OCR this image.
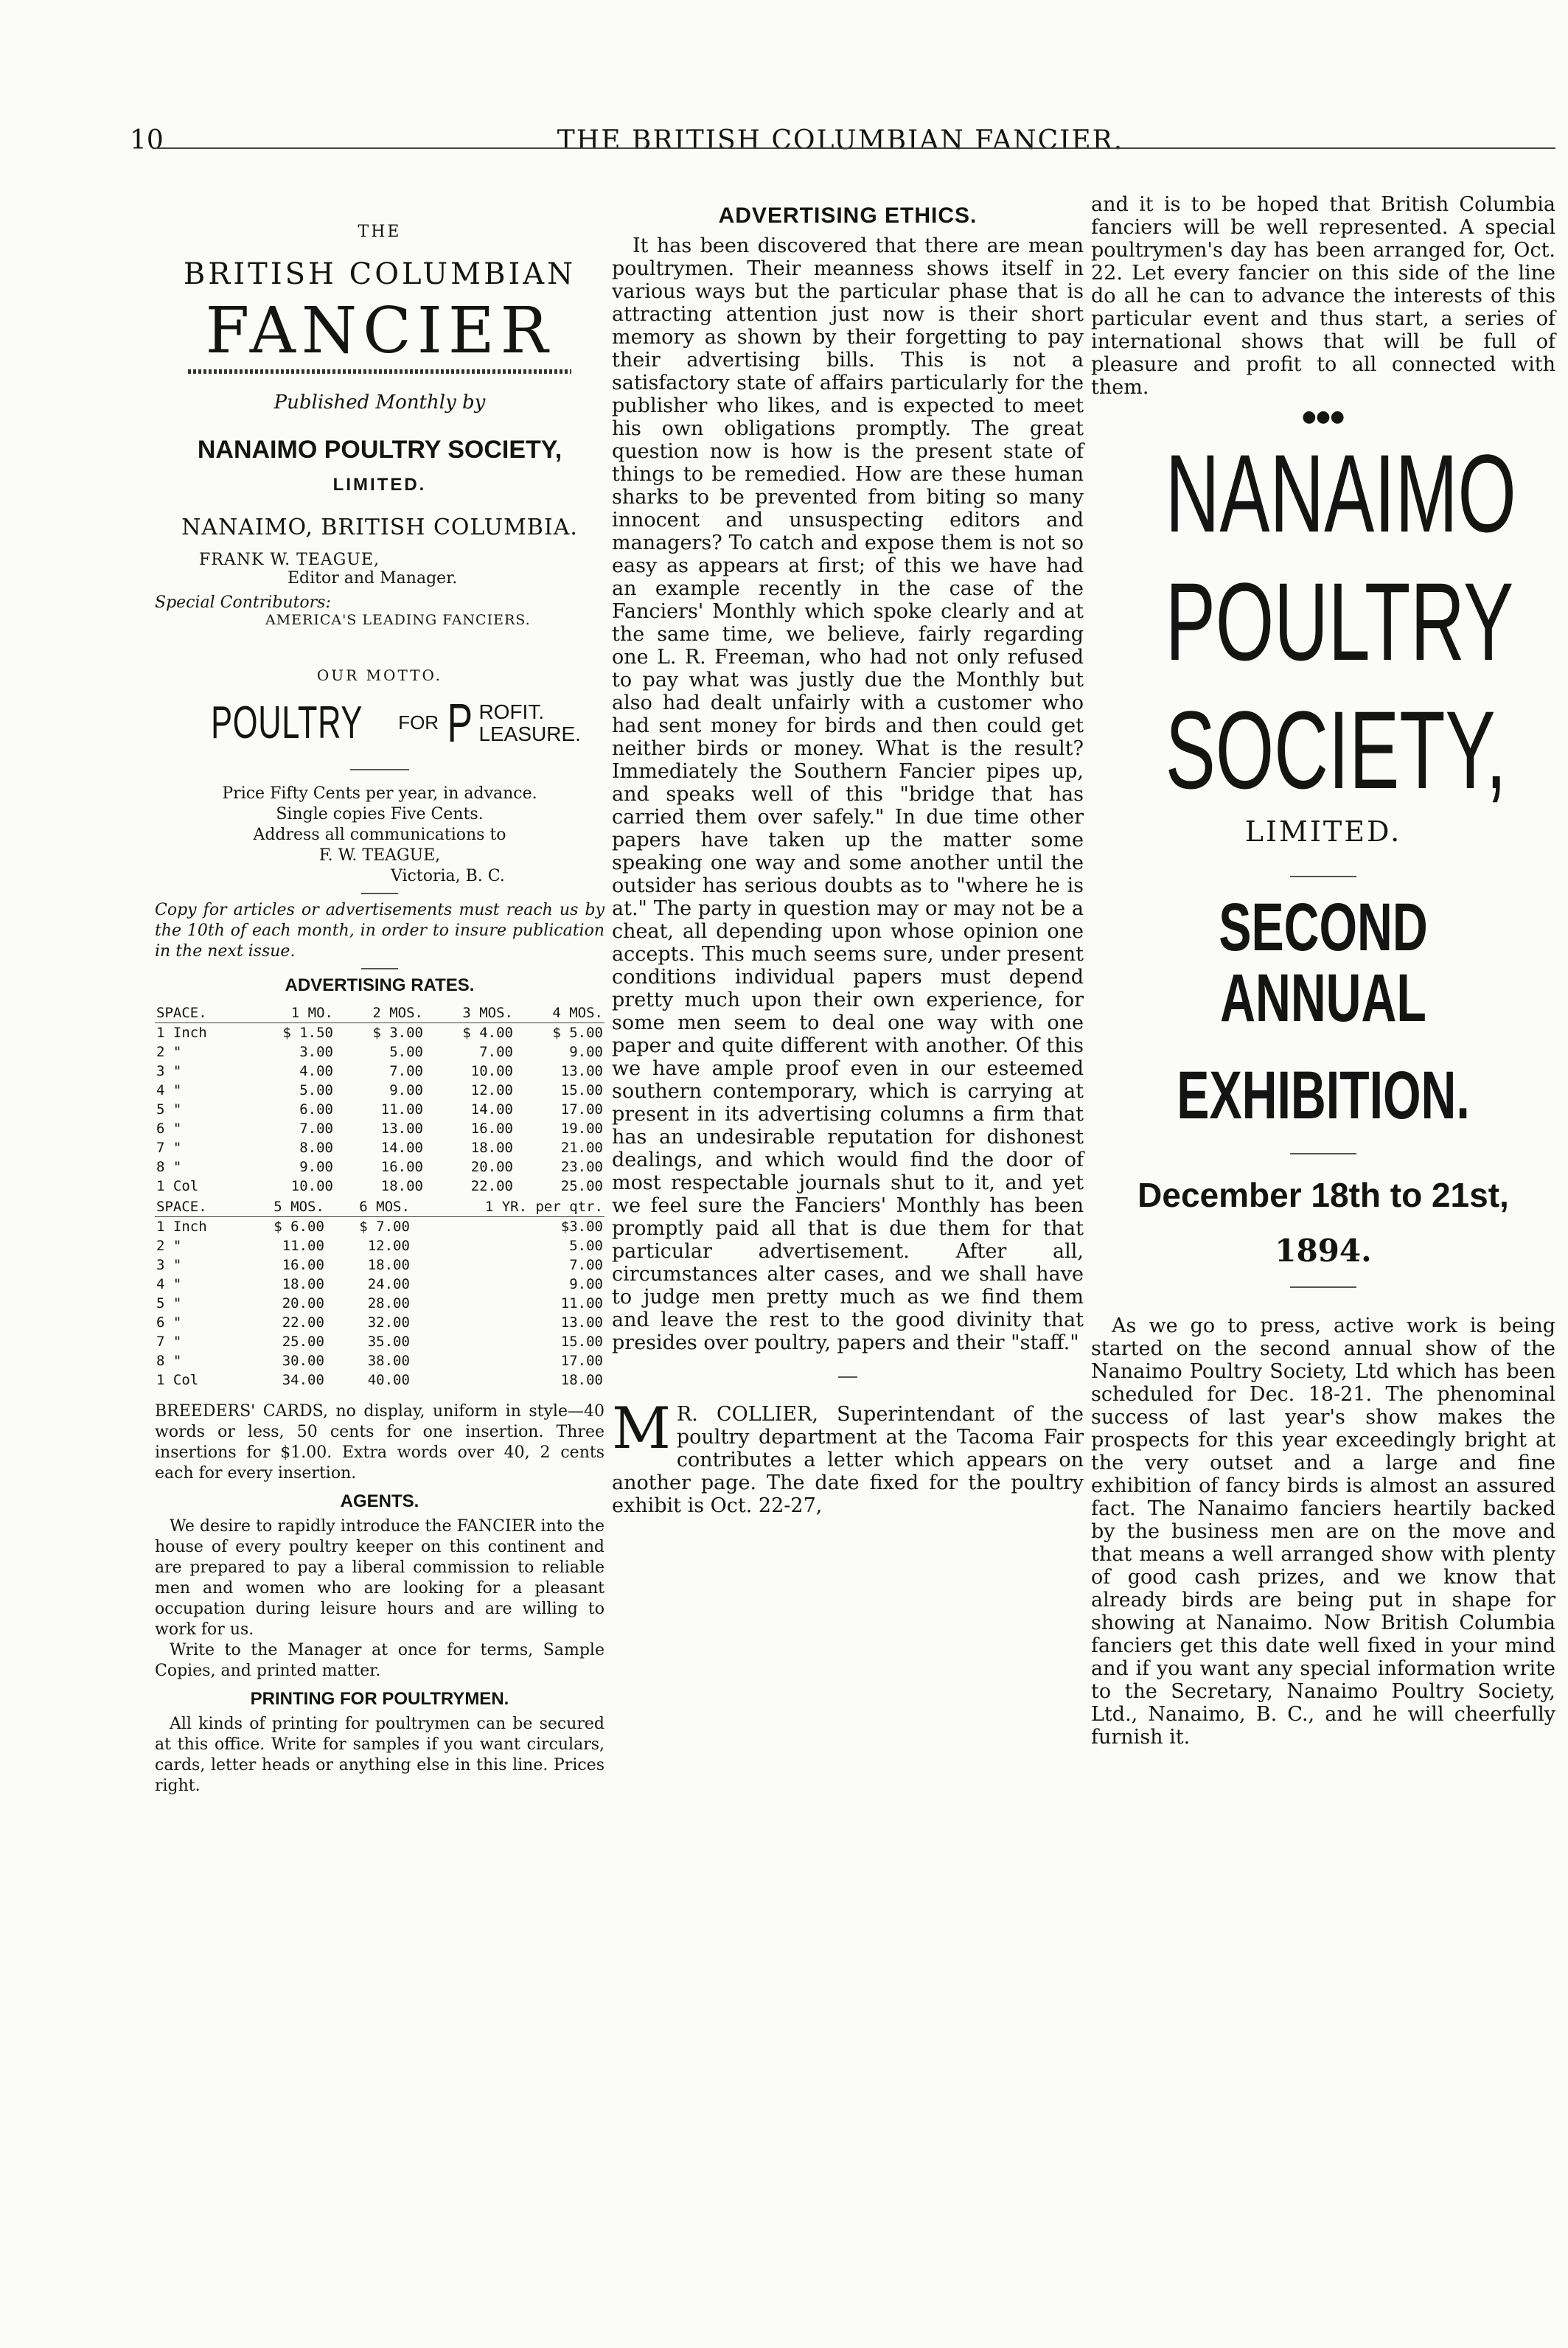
10	THE BRITISH COLUMBIAN FANCIER.
THE
BRITISH COLUMBIAN
FANCIER
Published Monthly by
NANAIMO POULTRY SOCIETY,
LIMITED.
NANAIMO, BRITISH COLUMBIA.
FRANK W. TEAGUE,
Editor and Manager.
Special Contributors:
AMERICA'S LEADING FANCIERS.
OUR MOTTO.
POULTRY FOR P ROFIT.
LEASURE.
Price Fifty Cents per year, in advance.
Single copies Five Cents.
Address all communications to
F. W. TEAGUE,
Victoria, B. C.

Copy for articles or advertisements must reach us by the 10th of each month, in order to insure publication in the next issue.

ADVERTISING RATES.
SPACE.	1 MO.	2 MOS.	3 MOS.	4 MOS.
1 Inch	$ 1.50	$ 3.00	$ 4.00	$ 5.00
2 "	3.00	5.00	7.00	9.00
3 "	4.00	7.00	10.00	13.00
4 "	5.00	9.00	12.00	15.00
5 "	6.00	11.00	14.00	17.00
6 "	7.00	13.00	16.00	19.00
7 "	8.00	14.00	18.00	21.00
8 "	9.00	16.00	20.00	23.00
1 Col	10.00	18.00	22.00	25.00
SPACE.	5 MOS.	6 MOS.	1 YR. per qtr.
1 Inch	$ 6.00	$ 7.00	$3.00
2 "	11.00	12.00	5.00
3 "	16.00	18.00	7.00
4 "	18.00	24.00	9.00
5 "	20.00	28.00	11.00
6 "	22.00	32.00	13.00
7 "	25.00	35.00	15.00
8 "	30.00	38.00	17.00
1 Col	34.00	40.00	18.00

BREEDERS' CARDS, no display, uniform in style—40 words or less, 50 cents for one insertion. Three insertions for $1.00. Extra words over 40, 2 cents each for every insertion.

AGENTS.

We desire to rapidly introduce the FANCIER into the house of every poultry keeper on this continent and are prepared to pay a liberal commission to reliable men and women who are looking for a pleasant occupation during leisure hours and are willing to work for us.

Write to the Manager at once for terms, Sample Copies, and printed matter.

PRINTING FOR POULTRYMEN.

All kinds of printing for poultrymen can be secured at this office. Write for samples if you want circulars, cards, letter heads or anything else in this line. Prices right.

ADVERTISING ETHICS.

It has been discovered that there are mean poultrymen. Their meanness shows itself in various ways but the particular phase that is attracting attention just now is their short memory as shown by their forgetting to pay their advertising bills. This is not a satisfactory state of affairs particularly for the publisher who likes, and is expected to meet his own obligations promptly. The great question now is how is the present state of things to be remedied. How are these human sharks to be prevented from biting so many innocent and unsuspecting editors and managers? To catch and expose them is not so easy as appears at first; of this we have had an example recently in the case of the Fanciers' Monthly which spoke clearly and at the same time, we believe, fairly regarding one L. R. Freeman, who had not only refused to pay what was justly due the Monthly but also had dealt unfairly with a customer who had sent money for birds and then could get neither birds or money. What is the result? Immediately the Southern Fancier pipes up, and speaks well of this "bridge that has carried them over safely." In due time other papers have taken up the matter some speaking one way and some another until the outsider has serious doubts as to "where he is at." The party in question may or may not be a cheat, all depending upon whose opinion one accepts. This much seems sure, under present conditions individual papers must depend pretty much upon their own experience, for some men seem to deal one way with one paper and quite different with another. Of this we have ample proof even in our esteemed southern contemporary, which is carrying at present in its advertising columns a firm that has an undesirable reputation for dishonest dealings, and which would find the door of most respectable journals shut to it, and yet we feel sure the Fanciers' Monthly has been promptly paid all that is due them for that particular advertisement. After all, circumstances alter cases, and we shall have to judge men pretty much as we find them and leave the rest to the good divinity that presides over poultry, papers and their "staff."

M R. COLLIER, Superintendant of the poultry department at the Tacoma Fair contributes a letter which appears on another page. The date fixed for the poultry exhibit is Oct. 22-27,

and it is to be hoped that British Columbia fanciers will be well represented. A special poultrymen's day has been arranged for, Oct. 22. Let every fancier on this side of the line do all he can to advance the interests of this particular event and thus start, a series of international shows that will be full of pleasure and profit to all connected with them.

●●●
NANAIMO
POULTRY
SOCIETY,
LIMITED.
SECOND ANNUAL
EXHIBITION.
December 18th to 21st,
1894.

As we go to press, active work is being started on the second annual show of the Nanaimo Poultry Society, Ltd which has been scheduled for Dec. 18-21. The phenominal success of last year's show makes the prospects for this year exceedingly bright at the very outset and a large and fine exhibition of fancy birds is almost an assured fact. The Nanaimo fanciers heartily backed by the business men are on the move and that means a well arranged show with plenty of good cash prizes, and we know that already birds are being put in shape for showing at Nanaimo. Now British Columbia fanciers get this date well fixed in your mind and if you want any special information write to the Secretary, Nanaimo Poultry Society, Ltd., Nanaimo, B. C., and he will cheerfully furnish it.
